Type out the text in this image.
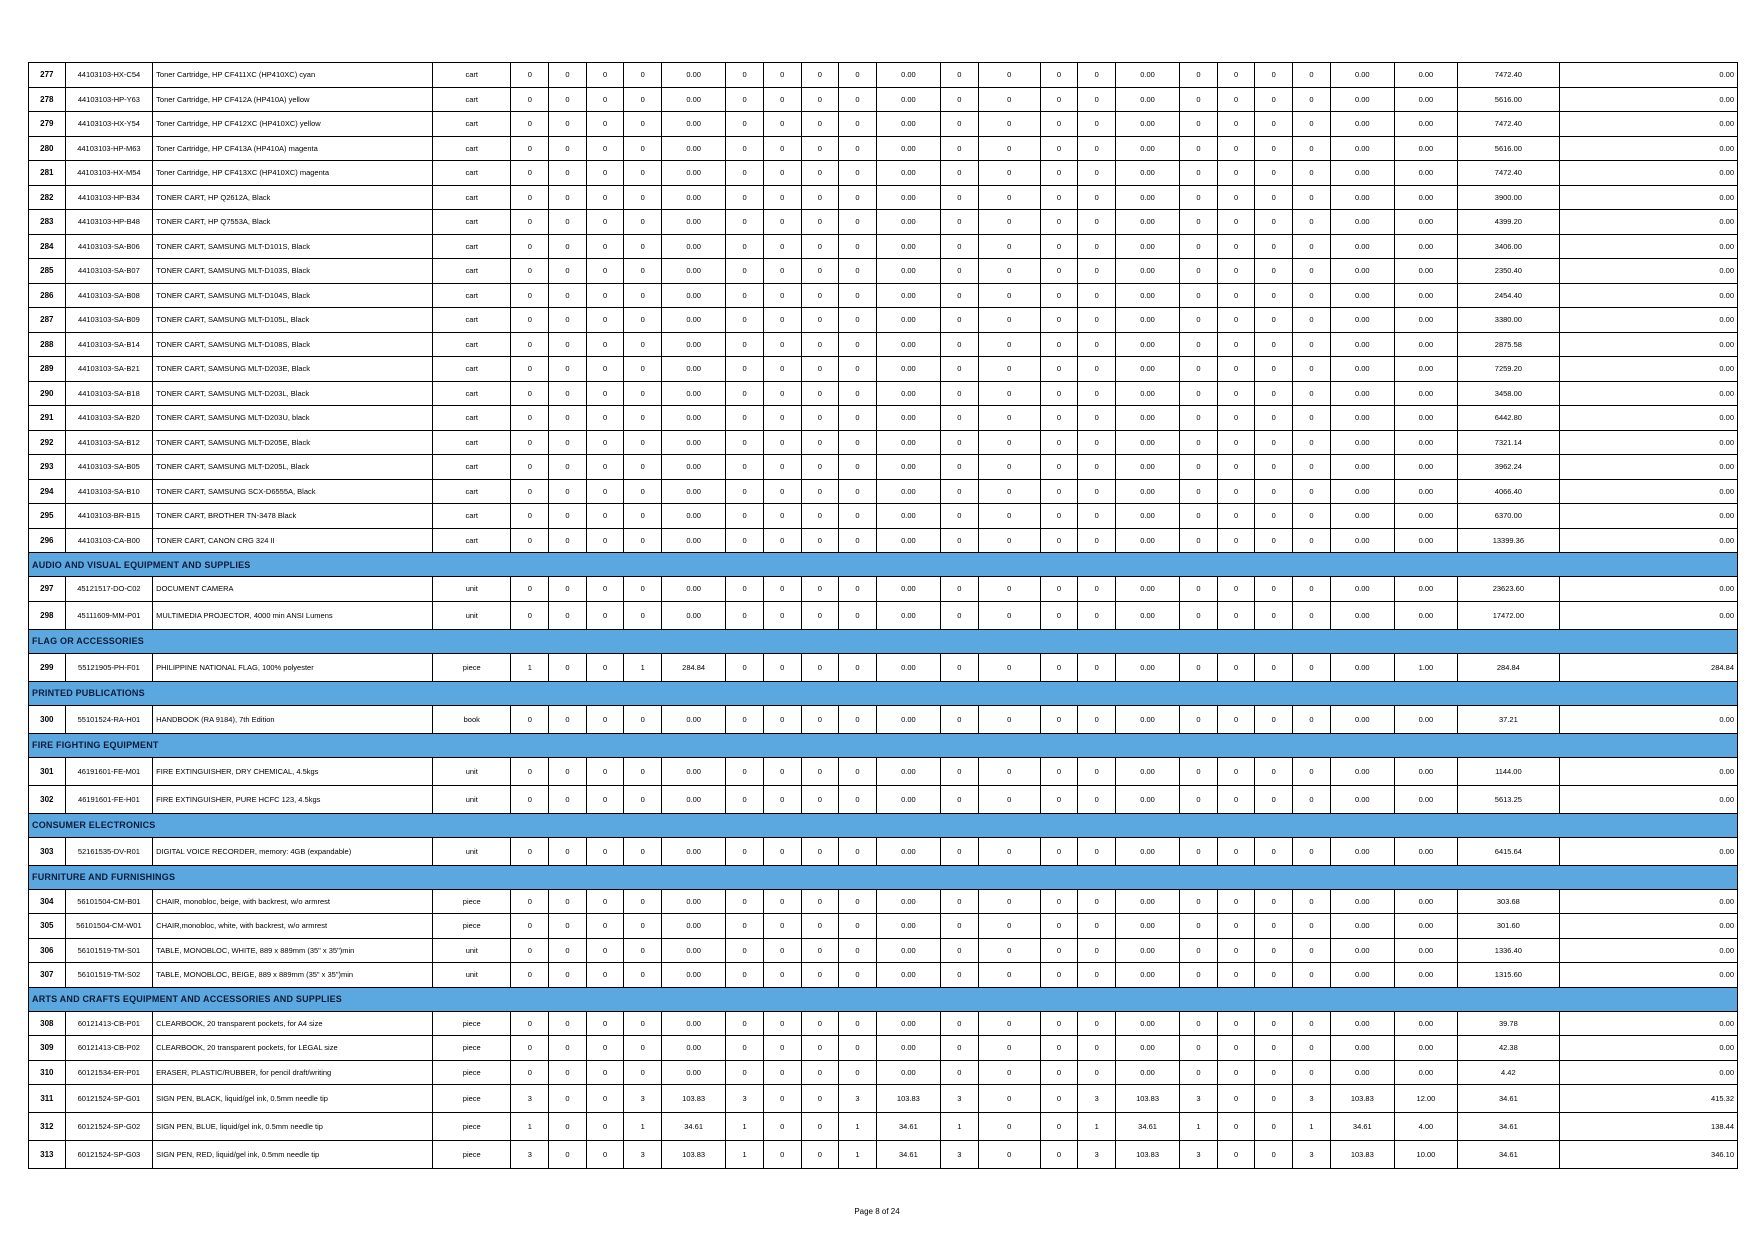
277	44103103-HX-C54	Toner Cartridge, HP CF411XC (HP410XC) cyan	cart	0	0	0	0	0.00	0	0	0	0	0.00	0	0	0	0	0.00	0	0	0	0	0.00	0.00	7472.40	0.00
278	44103103-HP-Y63	Toner Cartridge, HP CF412A (HP410A) yellow	cart	0	0	0	0	0.00	0	0	0	0	0.00	0	0	0	0	0.00	0	0	0	0	0.00	0.00	5616.00	0.00
279	44103103-HX-Y54	Toner Cartridge, HP CF412XC (HP410XC) yellow	cart	0	0	0	0	0.00	0	0	0	0	0.00	0	0	0	0	0.00	0	0	0	0	0.00	0.00	7472.40	0.00
280	44103103-HP-M63	Toner Cartridge, HP CF413A (HP410A) magenta	cart	0	0	0	0	0.00	0	0	0	0	0.00	0	0	0	0	0.00	0	0	0	0	0.00	0.00	5616.00	0.00
281	44103103-HX-M54	Toner Cartridge, HP CF413XC (HP410XC) magenta	cart	0	0	0	0	0.00	0	0	0	0	0.00	0	0	0	0	0.00	0	0	0	0	0.00	0.00	7472.40	0.00
282	44103103-HP-B34	TONER CART, HP Q2612A, Black	cart	0	0	0	0	0.00	0	0	0	0	0.00	0	0	0	0	0.00	0	0	0	0	0.00	0.00	3900.00	0.00
283	44103103-HP-B48	TONER CART, HP Q7553A, Black	cart	0	0	0	0	0.00	0	0	0	0	0.00	0	0	0	0	0.00	0	0	0	0	0.00	0.00	4399.20	0.00
284	44103103-SA-B06	TONER CART, SAMSUNG MLT-D101S, Black	cart	0	0	0	0	0.00	0	0	0	0	0.00	0	0	0	0	0.00	0	0	0	0	0.00	0.00	3406.00	0.00
285	44103103-SA-B07	TONER CART, SAMSUNG MLT-D103S, Black	cart	0	0	0	0	0.00	0	0	0	0	0.00	0	0	0	0	0.00	0	0	0	0	0.00	0.00	2350.40	0.00
286	44103103-SA-B08	TONER CART, SAMSUNG MLT-D104S, Black	cart	0	0	0	0	0.00	0	0	0	0	0.00	0	0	0	0	0.00	0	0	0	0	0.00	0.00	2454.40	0.00
287	44103103-SA-B09	TONER CART, SAMSUNG MLT-D105L, Black	cart	0	0	0	0	0.00	0	0	0	0	0.00	0	0	0	0	0.00	0	0	0	0	0.00	0.00	3380.00	0.00
288	44103103-SA-B14	TONER CART, SAMSUNG MLT-D108S, Black	cart	0	0	0	0	0.00	0	0	0	0	0.00	0	0	0	0	0.00	0	0	0	0	0.00	0.00	2875.58	0.00
289	44103103-SA-B21	TONER CART, SAMSUNG MLT-D203E, Black	cart	0	0	0	0	0.00	0	0	0	0	0.00	0	0	0	0	0.00	0	0	0	0	0.00	0.00	7259.20	0.00
290	44103103-SA-B18	TONER CART, SAMSUNG MLT-D203L, Black	cart	0	0	0	0	0.00	0	0	0	0	0.00	0	0	0	0	0.00	0	0	0	0	0.00	0.00	3458.00	0.00
291	44103103-SA-B20	TONER CART, SAMSUNG MLT-D203U, black	cart	0	0	0	0	0.00	0	0	0	0	0.00	0	0	0	0	0.00	0	0	0	0	0.00	0.00	6442.80	0.00
292	44103103-SA-B12	TONER CART, SAMSUNG MLT-D205E, Black	cart	0	0	0	0	0.00	0	0	0	0	0.00	0	0	0	0	0.00	0	0	0	0	0.00	0.00	7321.14	0.00
293	44103103-SA-B05	TONER CART, SAMSUNG MLT-D205L, Black	cart	0	0	0	0	0.00	0	0	0	0	0.00	0	0	0	0	0.00	0	0	0	0	0.00	0.00	3962.24	0.00
294	44103103-SA-B10	TONER CART, SAMSUNG SCX-D6555A, Black	cart	0	0	0	0	0.00	0	0	0	0	0.00	0	0	0	0	0.00	0	0	0	0	0.00	0.00	4066.40	0.00
295	44103103-BR-B15	TONER CART, BROTHER TN-3478 Black	cart	0	0	0	0	0.00	0	0	0	0	0.00	0	0	0	0	0.00	0	0	0	0	0.00	0.00	6370.00	0.00
296	44103103-CA-B00	TONER CART, CANON CRG 324 II	cart	0	0	0	0	0.00	0	0	0	0	0.00	0	0	0	0	0.00	0	0	0	0	0.00	0.00	13399.36	0.00
AUDIO AND VISUAL EQUIPMENT AND SUPPLIES																										
297	45121517-DO-C02	DOCUMENT CAMERA	unit	0	0	0	0	0.00	0	0	0	0	0.00	0	0	0	0	0.00	0	0	0	0	0.00	0.00	23623.60	0.00
298	45111609-MM-P01	MULTIMEDIA PROJECTOR, 4000 min ANSI Lumens	unit	0	0	0	0	0.00	0	0	0	0	0.00	0	0	0	0	0.00	0	0	0	0	0.00	0.00	17472.00	0.00
FLAG OR ACCESSORIES																										
299	55121905-PH-F01	PHILIPPINE NATIONAL FLAG, 100% polyester	piece	1	0	0	1	284.84	0	0	0	0	0.00	0	0	0	0	0.00	0	0	0	0	0.00	1.00	284.84	284.84
PRINTED PUBLICATIONS																										
300	55101524-RA-H01	HANDBOOK (RA 9184), 7th Edition	book	0	0	0	0	0.00	0	0	0	0	0.00	0	0	0	0	0.00	0	0	0	0	0.00	0.00	37.21	0.00
FIRE FIGHTING EQUIPMENT																										
301	46191601-FE-M01	FIRE EXTINGUISHER, DRY CHEMICAL, 4.5kgs	unit	0	0	0	0	0.00	0	0	0	0	0.00	0	0	0	0	0.00	0	0	0	0	0.00	0.00	1144.00	0.00
302	46191601-FE-H01	FIRE EXTINGUISHER, PURE HCFC 123, 4.5kgs	unit	0	0	0	0	0.00	0	0	0	0	0.00	0	0	0	0	0.00	0	0	0	0	0.00	0.00	5613.25	0.00
CONSUMER ELECTRONICS																										
303	52161535-DV-R01	DIGITAL VOICE RECORDER, memory: 4GB (expandable)	unit	0	0	0	0	0.00	0	0	0	0	0.00	0	0	0	0	0.00	0	0	0	0	0.00	0.00	6415.64	0.00
FURNITURE AND FURNISHINGS																										
304	56101504-CM-B01	CHAIR, monobloc, beige, with backrest, w/o armrest	piece	0	0	0	0	0.00	0	0	0	0	0.00	0	0	0	0	0.00	0	0	0	0	0.00	0.00	303.68	0.00
305	56101504-CM-W01	CHAIR,monobloc, white, with backrest, w/o armrest	piece	0	0	0	0	0.00	0	0	0	0	0.00	0	0	0	0	0.00	0	0	0	0	0.00	0.00	301.60	0.00
306	56101519-TM-S01	TABLE, MONOBLOC, WHITE, 889 x 889mm (35" x 35")min	unit	0	0	0	0	0.00	0	0	0	0	0.00	0	0	0	0	0.00	0	0	0	0	0.00	0.00	1336.40	0.00
307	56101519-TM-S02	TABLE, MONOBLOC, BEIGE, 889 x 889mm (35" x 35")min	unit	0	0	0	0	0.00	0	0	0	0	0.00	0	0	0	0	0.00	0	0	0	0	0.00	0.00	1315.60	0.00
ARTS AND CRAFTS EQUIPMENT AND ACCESSORIES AND SUPPLIES																										
308	60121413-CB-P01	CLEARBOOK, 20 transparent pockets, for A4 size	piece	0	0	0	0	0.00	0	0	0	0	0.00	0	0	0	0	0.00	0	0	0	0	0.00	0.00	39.78	0.00
309	60121413-CB-P02	CLEARBOOK, 20 transparent pockets, for LEGAL size	piece	0	0	0	0	0.00	0	0	0	0	0.00	0	0	0	0	0.00	0	0	0	0	0.00	0.00	42.38	0.00
310	60121534-ER-P01	ERASER, PLASTIC/RUBBER, for pencil draft/writing	piece	0	0	0	0	0.00	0	0	0	0	0.00	0	0	0	0	0.00	0	0	0	0	0.00	0.00	4.42	0.00
311	60121524-SP-G01	SIGN PEN, BLACK, liquid/gel ink, 0.5mm needle tip	piece	3	0	0	3	103.83	3	0	0	3	103.83	3	0	0	3	103.83	3	0	0	3	103.83	12.00	34.61	415.32
312	60121524-SP-G02	SIGN PEN, BLUE, liquid/gel ink, 0.5mm needle tip	piece	1	0	0	1	34.61	1	0	0	1	34.61	1	0	0	1	34.61	1	0	0	1	34.61	4.00	34.61	138.44
313	60121524-SP-G03	SIGN PEN, RED, liquid/gel ink, 0.5mm needle tip	piece	3	0	0	3	103.83	1	0	0	1	34.61	3	0	0	3	103.83	3	0	0	3	103.83	10.00	34.61	346.10
Page 8 of 24
